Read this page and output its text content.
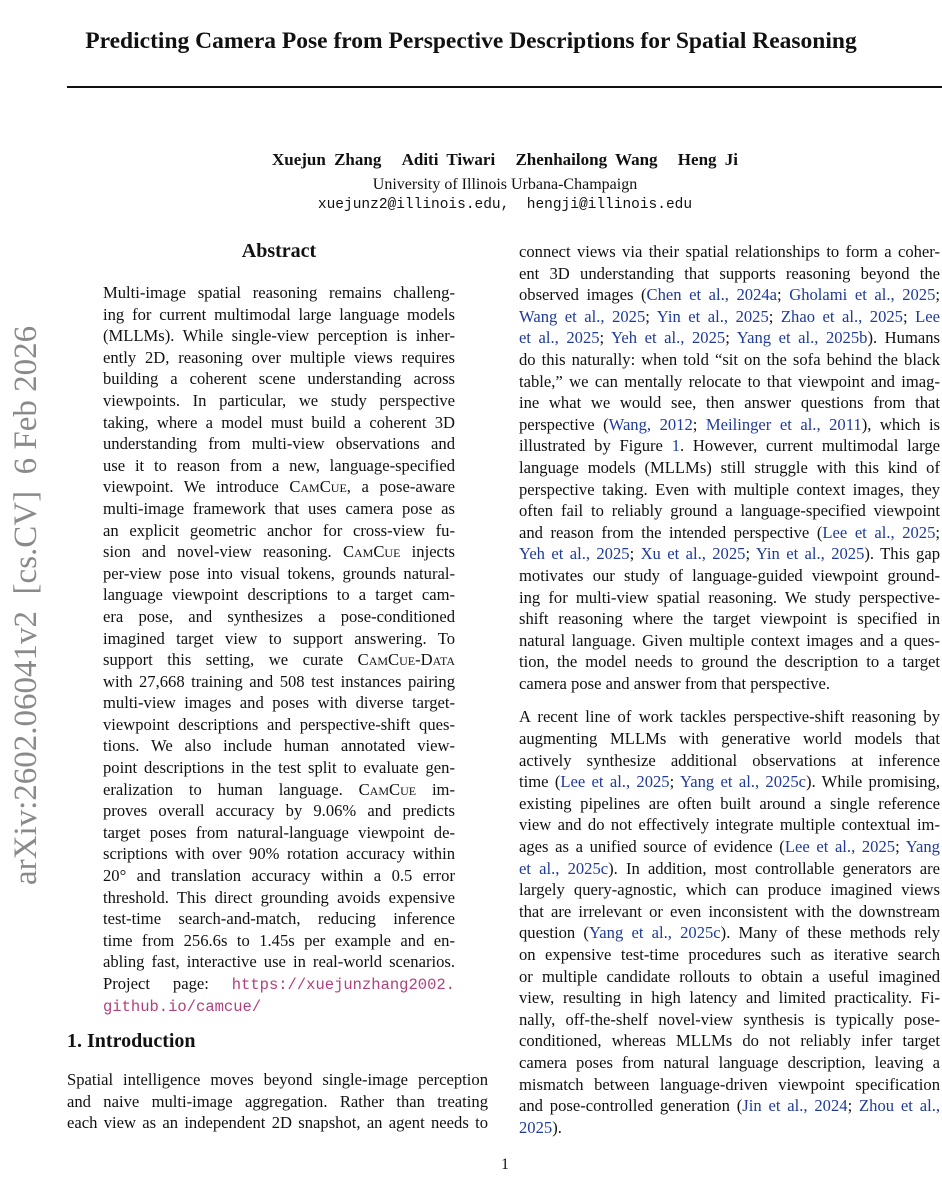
Predicting Camera Pose from Perspective Descriptions for Spatial Reasoning
Xuejun Zhang Aditi Tiwari Zhenhailong Wang Heng Ji
University of Illinois Urbana-Champaign
xuejunz2@illinois.edu,  hengji@illinois.edu
arXiv:2602.06041v2  [cs.CV]  6 Feb 2026
Abstract
Multi-image spatial reasoning remains challeng-
ing for current multimodal large language models
(MLLMs). While single-view perception is inher-
ently 2D, reasoning over multiple views requires
building a coherent scene understanding across
viewpoints. In particular, we study perspective
taking, where a model must build a coherent 3D
understanding from multi-view observations and
use it to reason from a new, language-specified
viewpoint. We introduce CamCue, a pose-aware
multi-image framework that uses camera pose as
an explicit geometric anchor for cross-view fu-
sion and novel-view reasoning. CamCue injects
per-view pose into visual tokens, grounds natural-
language viewpoint descriptions to a target cam-
era pose, and synthesizes a pose-conditioned
imagined target view to support answering. To
support this setting, we curate CamCue-Data
with 27,668 training and 508 test instances pairing
multi-view images and poses with diverse target-
viewpoint descriptions and perspective-shift ques-
tions. We also include human annotated view-
point descriptions in the test split to evaluate gen-
eralization to human language. CamCue im-
proves overall accuracy by 9.06% and predicts
target poses from natural-language viewpoint de-
scriptions with over 90% rotation accuracy within
20° and translation accuracy within a 0.5 error
threshold. This direct grounding avoids expensive
test-time search-and-match, reducing inference
time from 256.6s to 1.45s per example and en-
abling fast, interactive use in real-world scenarios.
Project page: https://xuejunzhang2002.
github.io/camcue/
1. Introduction
Spatial intelligence moves beyond single-image perception
and naive multi-image aggregation. Rather than treating
each view as an independent 2D snapshot, an agent needs to
connect views via their spatial relationships to form a coher-
ent 3D understanding that supports reasoning beyond the
observed images (Chen et al., 2024a; Gholami et al., 2025;
Wang et al., 2025; Yin et al., 2025; Zhao et al., 2025; Lee
et al., 2025; Yeh et al., 2025; Yang et al., 2025b). Humans
do this naturally: when told “sit on the sofa behind the black
table,” we can mentally relocate to that viewpoint and imag-
ine what we would see, then answer questions from that
perspective (Wang, 2012; Meilinger et al., 2011), which is
illustrated by Figure 1. However, current multimodal large
language models (MLLMs) still struggle with this kind of
perspective taking. Even with multiple context images, they
often fail to reliably ground a language-specified viewpoint
and reason from the intended perspective (Lee et al., 2025;
Yeh et al., 2025; Xu et al., 2025; Yin et al., 2025). This gap
motivates our study of language-guided viewpoint ground-
ing for multi-view spatial reasoning. We study perspective-
shift reasoning where the target viewpoint is specified in
natural language. Given multiple context images and a ques-
tion, the model needs to ground the description to a target
camera pose and answer from that perspective.
A recent line of work tackles perspective-shift reasoning by
augmenting MLLMs with generative world models that
actively synthesize additional observations at inference
time (Lee et al., 2025; Yang et al., 2025c). While promising,
existing pipelines are often built around a single reference
view and do not effectively integrate multiple contextual im-
ages as a unified source of evidence (Lee et al., 2025; Yang
et al., 2025c). In addition, most controllable generators are
largely query-agnostic, which can produce imagined views
that are irrelevant or even inconsistent with the downstream
question (Yang et al., 2025c). Many of these methods rely
on expensive test-time procedures such as iterative search
or multiple candidate rollouts to obtain a useful imagined
view, resulting in high latency and limited practicality. Fi-
nally, off-the-shelf novel-view synthesis is typically pose-
conditioned, whereas MLLMs do not reliably infer target
camera poses from natural language description, leaving a
mismatch between language-driven viewpoint specification
and pose-controlled generation (Jin et al., 2024; Zhou et al.,
2025).
1
